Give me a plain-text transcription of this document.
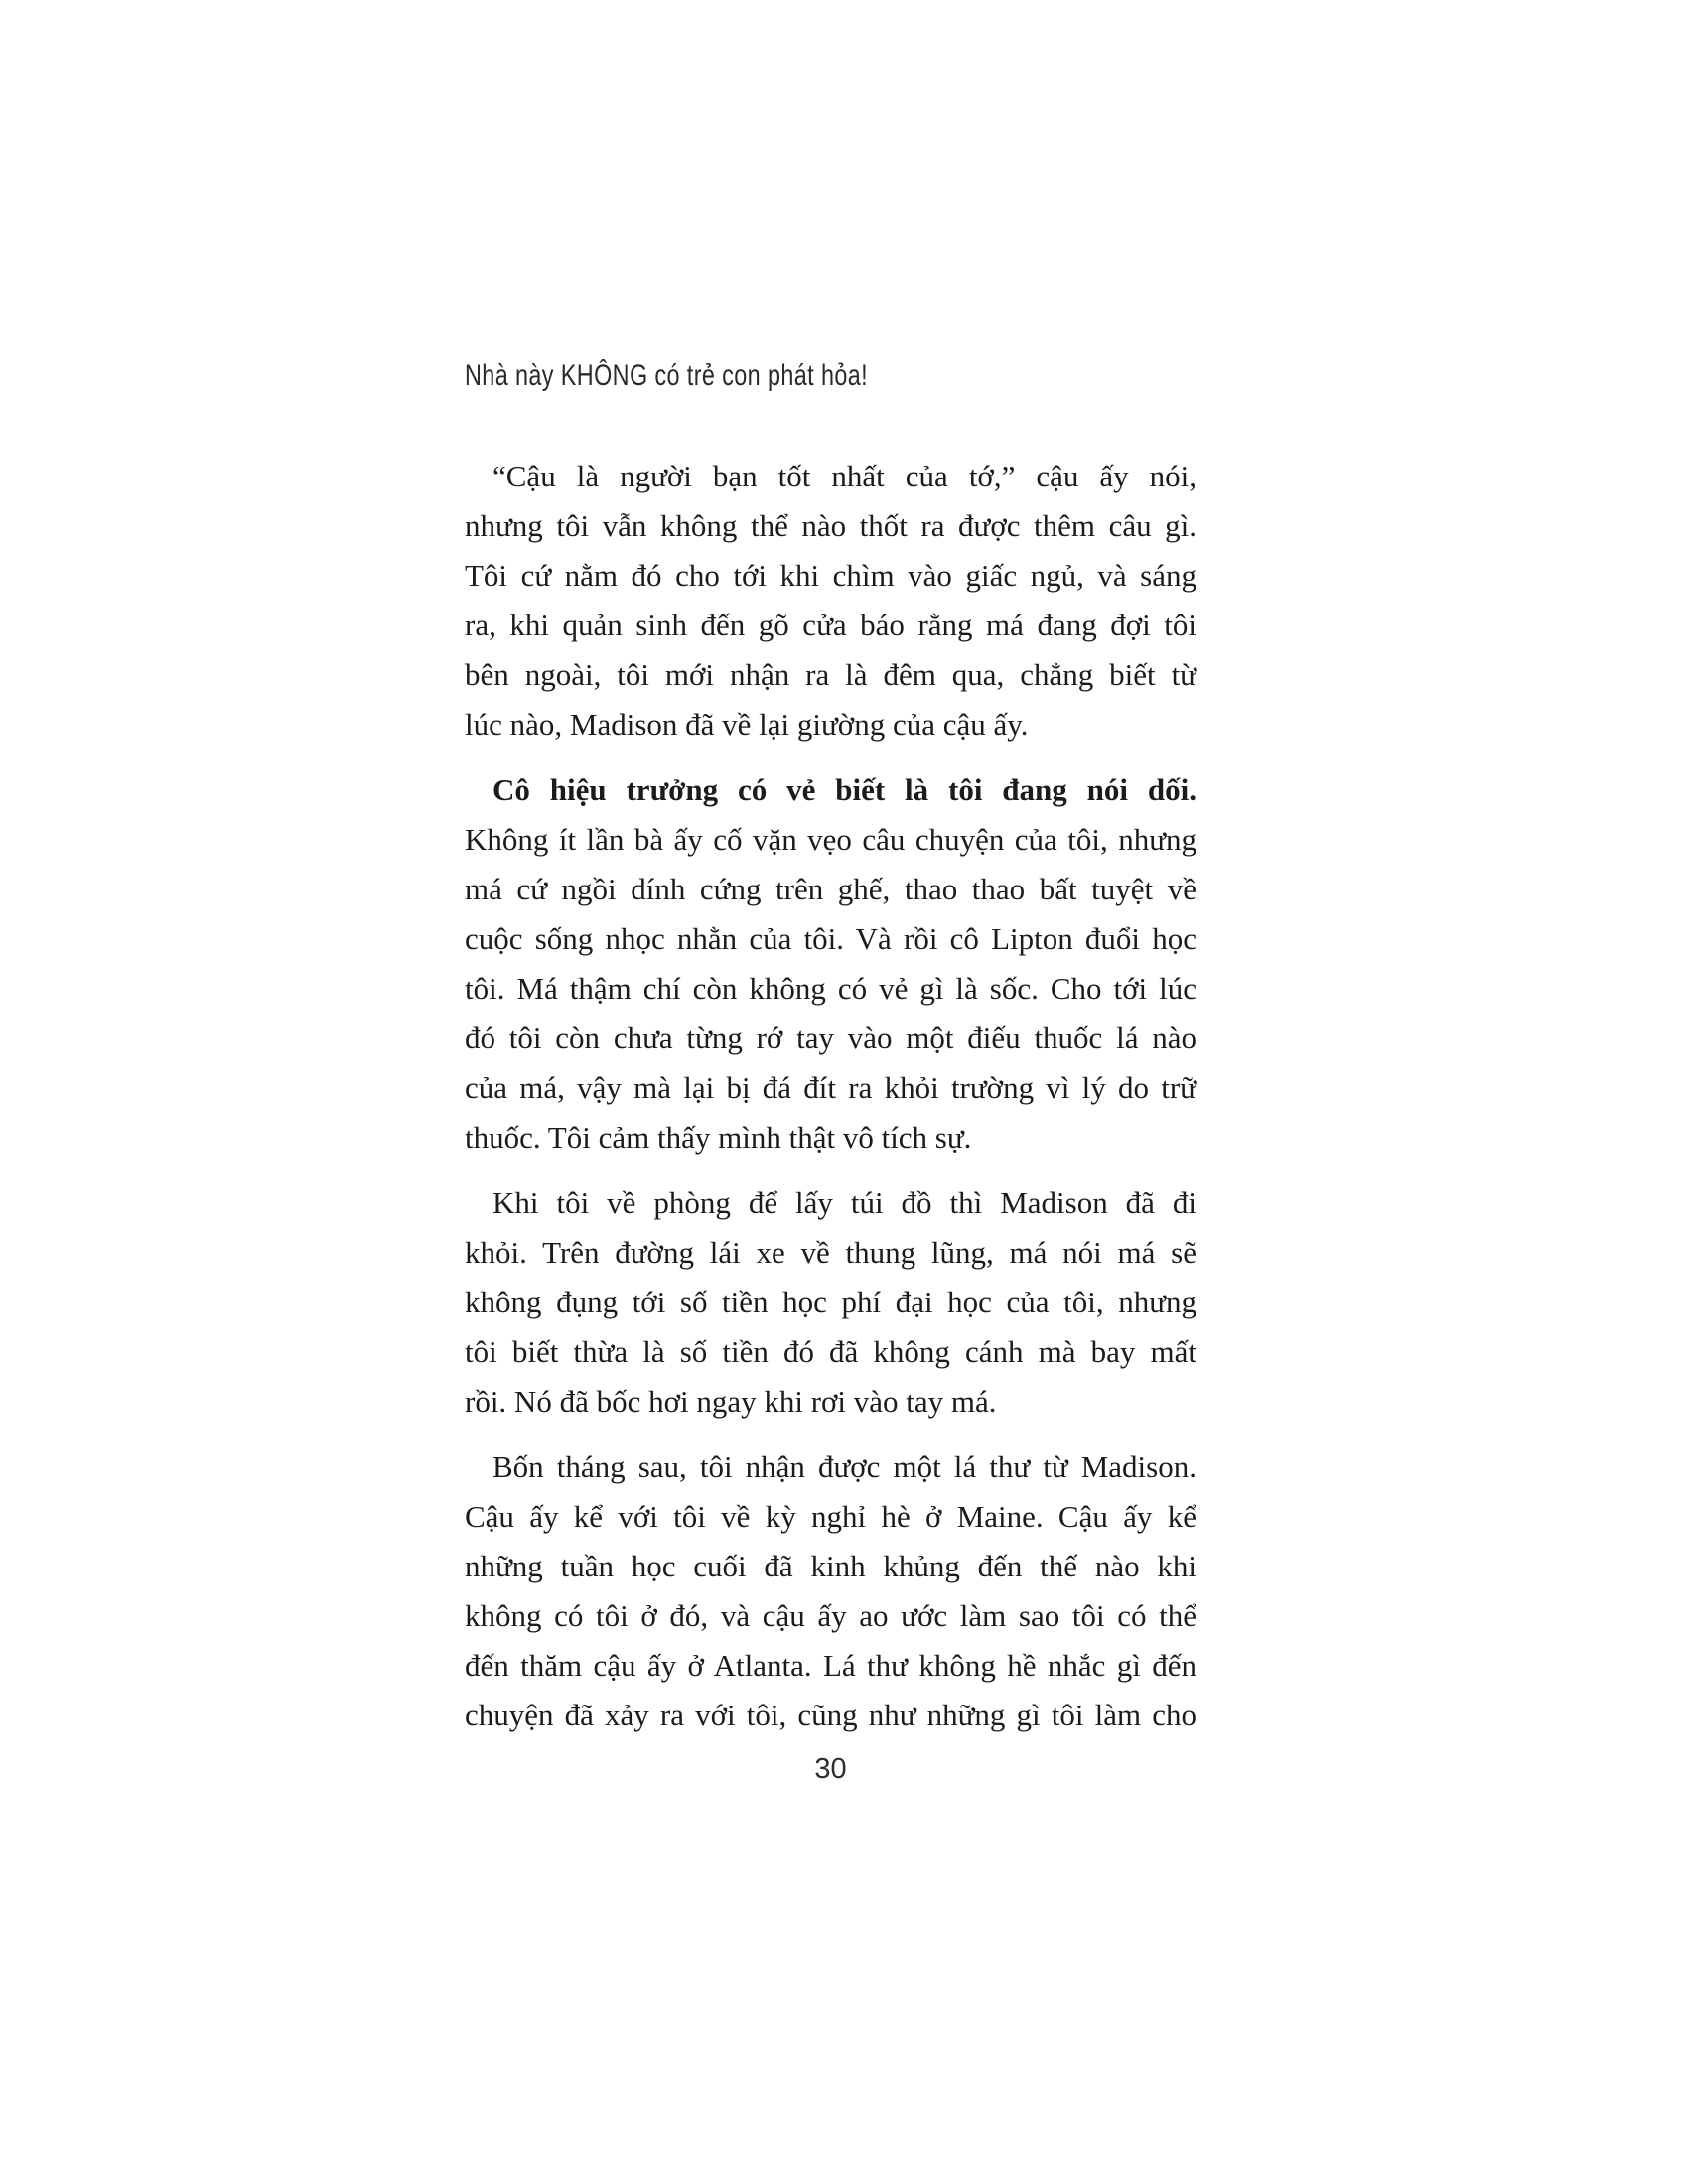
Nhà này KHÔNG có trẻ con phát hỏa!
“Cậu là người bạn tốt nhất của tớ,” cậu ấy nói,
nhưng tôi vẫn không thể nào thốt ra được thêm câu gì.
Tôi cứ nằm đó cho tới khi chìm vào giấc ngủ, và sáng
ra, khi quản sinh đến gõ cửa báo rằng má đang đợi tôi
bên ngoài, tôi mới nhận ra là đêm qua, chẳng biết từ
lúc nào, Madison đã về lại giường của cậu ấy.
Cô hiệu trưởng có vẻ biết là tôi đang nói dối.
Không ít lần bà ấy cố vặn vẹo câu chuyện của tôi, nhưng
má cứ ngồi dính cứng trên ghế, thao thao bất tuyệt về
cuộc sống nhọc nhằn của tôi. Và rồi cô Lipton đuổi học
tôi. Má thậm chí còn không có vẻ gì là sốc. Cho tới lúc
đó tôi còn chưa từng rớ tay vào một điếu thuốc lá nào
của má, vậy mà lại bị đá đít ra khỏi trường vì lý do trữ
thuốc. Tôi cảm thấy mình thật vô tích sự.
Khi tôi về phòng để lấy túi đồ thì Madison đã đi
khỏi. Trên đường lái xe về thung lũng, má nói má sẽ
không đụng tới số tiền học phí đại học của tôi, nhưng
tôi biết thừa là số tiền đó đã không cánh mà bay mất
rồi. Nó đã bốc hơi ngay khi rơi vào tay má.
Bốn tháng sau, tôi nhận được một lá thư từ Madison.
Cậu ấy kể với tôi về kỳ nghỉ hè ở Maine. Cậu ấy kể
những tuần học cuối đã kinh khủng đến thế nào khi
không có tôi ở đó, và cậu ấy ao ước làm sao tôi có thể
đến thăm cậu ấy ở Atlanta. Lá thư không hề nhắc gì đến
chuyện đã xảy ra với tôi, cũng như những gì tôi làm cho
30
